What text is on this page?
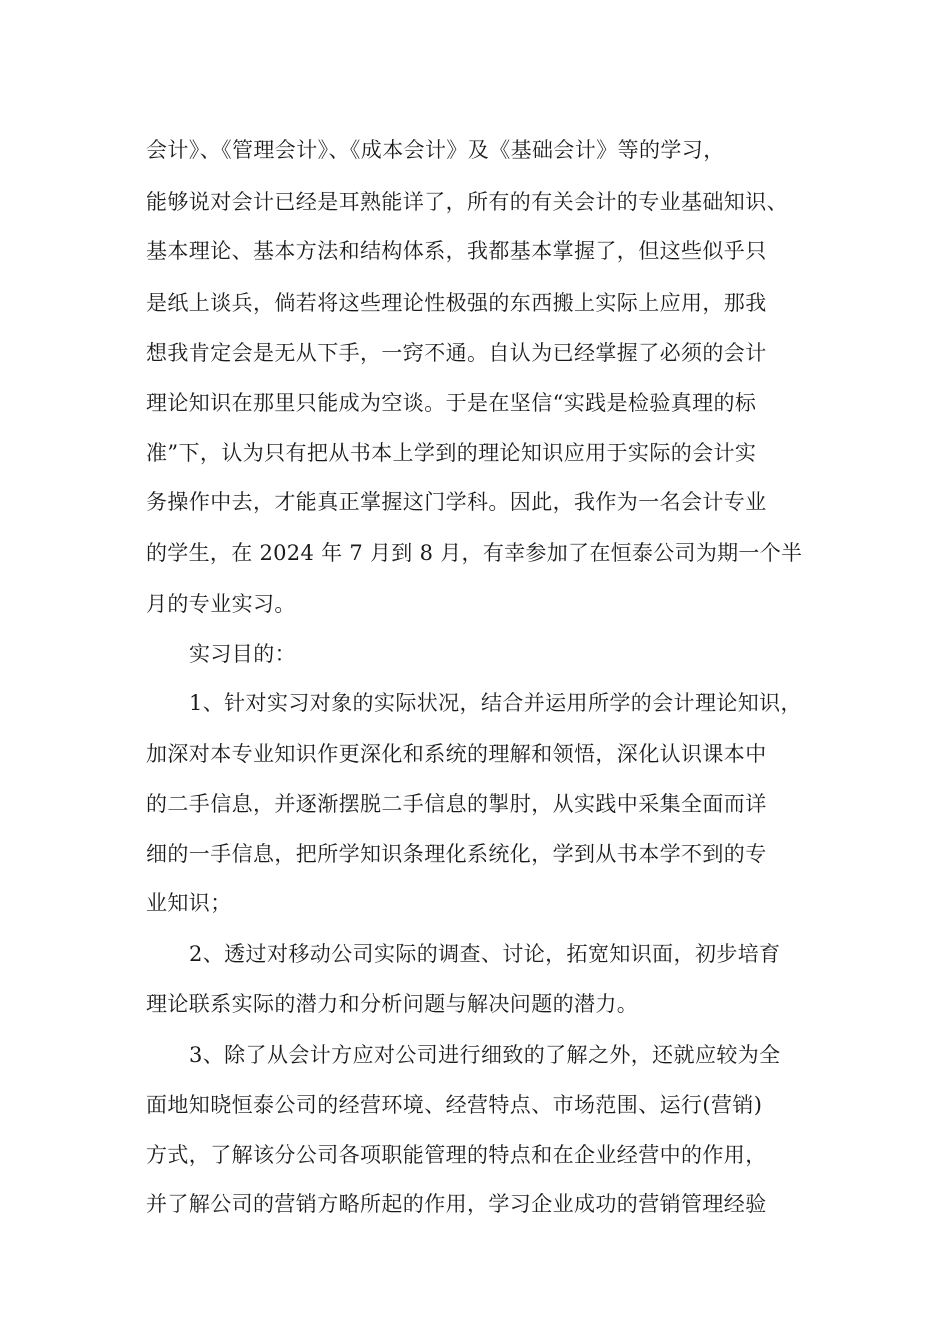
会计》、《管理会计》、《成本会计》及《基础会计》等的学习，
能够说对会计已经是耳熟能详了，所有的有关会计的专业基础知识、
基本理论、基本方法和结构体系，我都基本掌握了，但这些似乎只
是纸上谈兵，倘若将这些理论性极强的东西搬上实际上应用，那我
想我肯定会是无从下手，一窍不通。自认为已经掌握了必须的会计
理论知识在那里只能成为空谈。于是在坚信“实践是检验真理的标
准”下，认为只有把从书本上学到的理论知识应用于实际的会计实
务操作中去，才能真正掌握这门学科。因此，我作为一名会计专业
的学生，在 2024 年 7 月到 8 月，有幸参加了在恒泰公司为期一个半
月的专业实习。
实习目的：
1、针对实习对象的实际状况，结合并运用所学的会计理论知识，
加深对本专业知识作更深化和系统的理解和领悟，深化认识课本中
的二手信息，并逐渐摆脱二手信息的掣肘，从实践中采集全面而详
细的一手信息，把所学知识条理化系统化，学到从书本学不到的专
业知识；
2、透过对移动公司实际的调查、讨论，拓宽知识面，初步培育
理论联系实际的潜力和分析问题与解决问题的潜力。
3、除了从会计方应对公司进行细致的了解之外，还就应较为全
面地知晓恒泰公司的经营环境、经营特点、市场范围、运行(营销)
方式，了解该分公司各项职能管理的特点和在企业经营中的作用，
并了解公司的营销方略所起的作用，学习企业成功的营销管理经验
